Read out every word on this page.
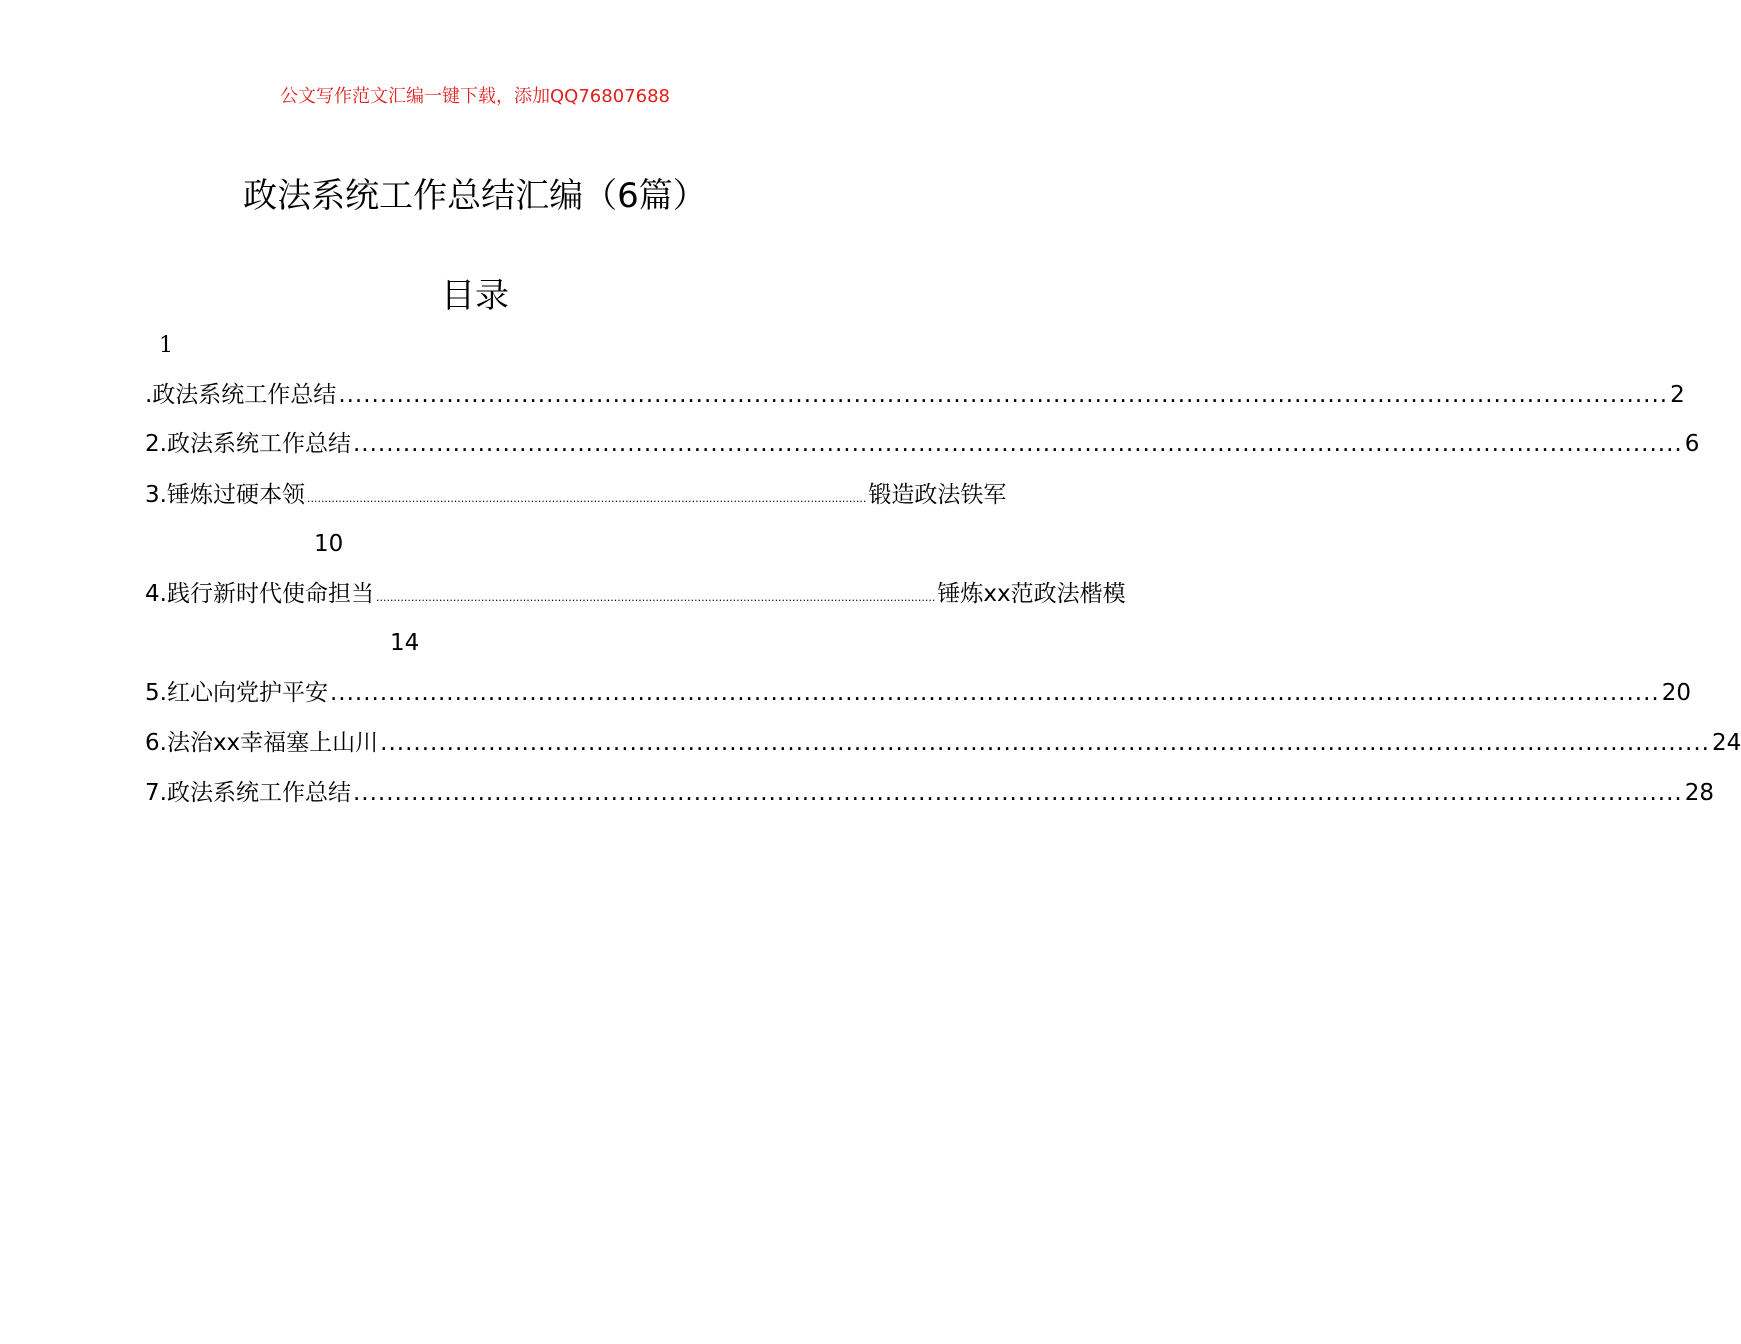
公文写作范文汇编一键下载，添加QQ76807688
政法系统工作总结汇编（6篇）
目录
1
.政法系统工作总结 ................................................................................................................................................................ 2
2.政法系统工作总结 ................................................................................................................................................................ 6
3.锤炼过硬本领 ................................................................................................................................................................ 锻造政法铁军
10
4.践行新时代使命担当 ................................................................................................................................................................ 锤炼xx范政法楷模
14
5.红心向党护平安 ................................................................................................................................................................ 20
6.法治xx幸福塞上山川 ................................................................................................................................................................ 24
7.政法系统工作总结 ................................................................................................................................................................ 28
